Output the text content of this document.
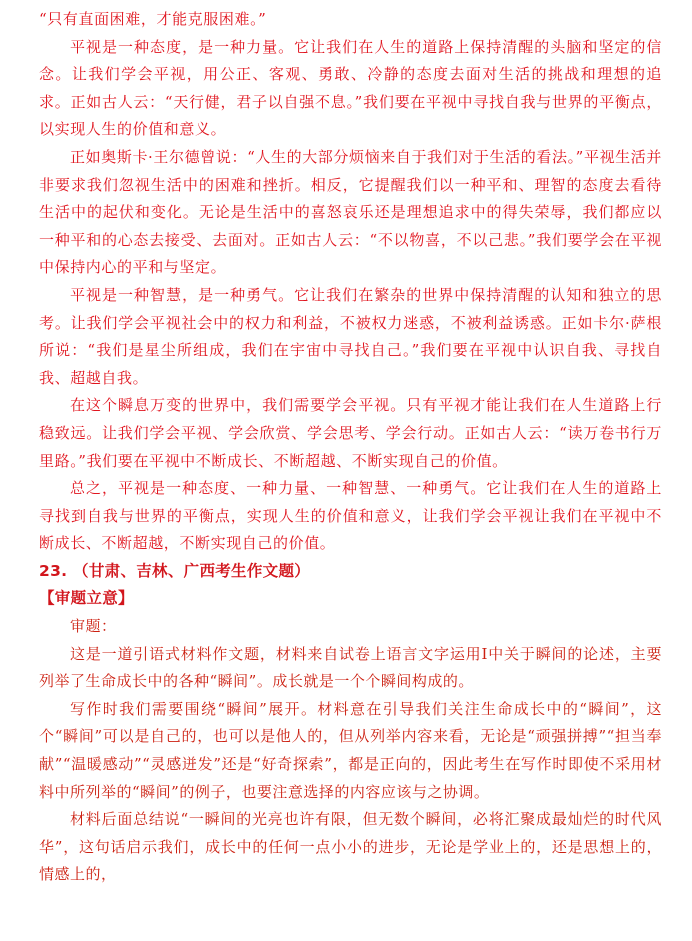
“只有直面困难，才能克服困难。”

平视是一种态度，是一种力量。它让我们在人生的道路上保持清醒的头脑和坚定的信念。让我们学会平视，用公正、客观、勇敢、冷静的态度去面对生活的挑战和理想的追求。正如古人云：“天行健，君子以自强不息。”我们要在平视中寻找自我与世界的平衡点，以实现人生的价值和意义。

正如奥斯卡·王尔德曾说：“人生的大部分烦恼来自于我们对于生活的看法。”平视生活并非要求我们忽视生活中的困难和挫折。相反，它提醒我们以一种平和、理智的态度去看待生活中的起伏和变化。无论是生活中的喜怒哀乐还是理想追求中的得失荣辱，我们都应以一种平和的心态去接受、去面对。正如古人云：“不以物喜，不以己悲。”我们要学会在平视中保持内心的平和与坚定。

平视是一种智慧，是一种勇气。它让我们在繁杂的世界中保持清醒的认知和独立的思考。让我们学会平视社会中的权力和利益，不被权力迷惑，不被利益诱惑。正如卡尔·萨根所说：“我们是星尘所组成，我们在宇宙中寻找自己。”我们要在平视中认识自我、寻找自我、超越自我。

在这个瞬息万变的世界中，我们需要学会平视。只有平视才能让我们在人生道路上行稳致远。让我们学会平视、学会欣赏、学会思考、学会行动。正如古人云：“读万卷书行万里路。”我们要在平视中不断成长、不断超越、不断实现自己的价值。

总之，平视是一种态度、一种力量、一种智慧、一种勇气。它让我们在人生的道路上寻找到自我与世界的平衡点，实现人生的价值和意义，让我们学会平视让我们在平视中不断成长、不断超越，不断实现自己的价值。

23. （甘肃、吉林、广西考生作文题）
【审题立意】

审题：

这是一道引语式材料作文题，材料来自试卷上语言文字运用Ⅰ中关于瞬间的论述，主要列举了生命成长中的各种“瞬间”。成长就是一个个瞬间构成的。

写作时我们需要围绕“瞬间”展开。材料意在引导我们关注生命成长中的“瞬间”，这个“瞬间”可以是自己的，也可以是他人的，但从列举内容来看，无论是“顽强拼搏”“担当奉献”“温暖感动”“灵感迸发”还是“好奇探索”，都是正向的，因此考生在写作时即使不采用材料中所列举的“瞬间”的例子，也要注意选择的内容应该与之协调。

材料后面总结说“一瞬间的光亮也许有限，但无数个瞬间，必将汇聚成最灿烂的时代风华”，这句话启示我们，成长中的任何一点小小的进步，无论是学业上的，还是思想上的，情感上的，
